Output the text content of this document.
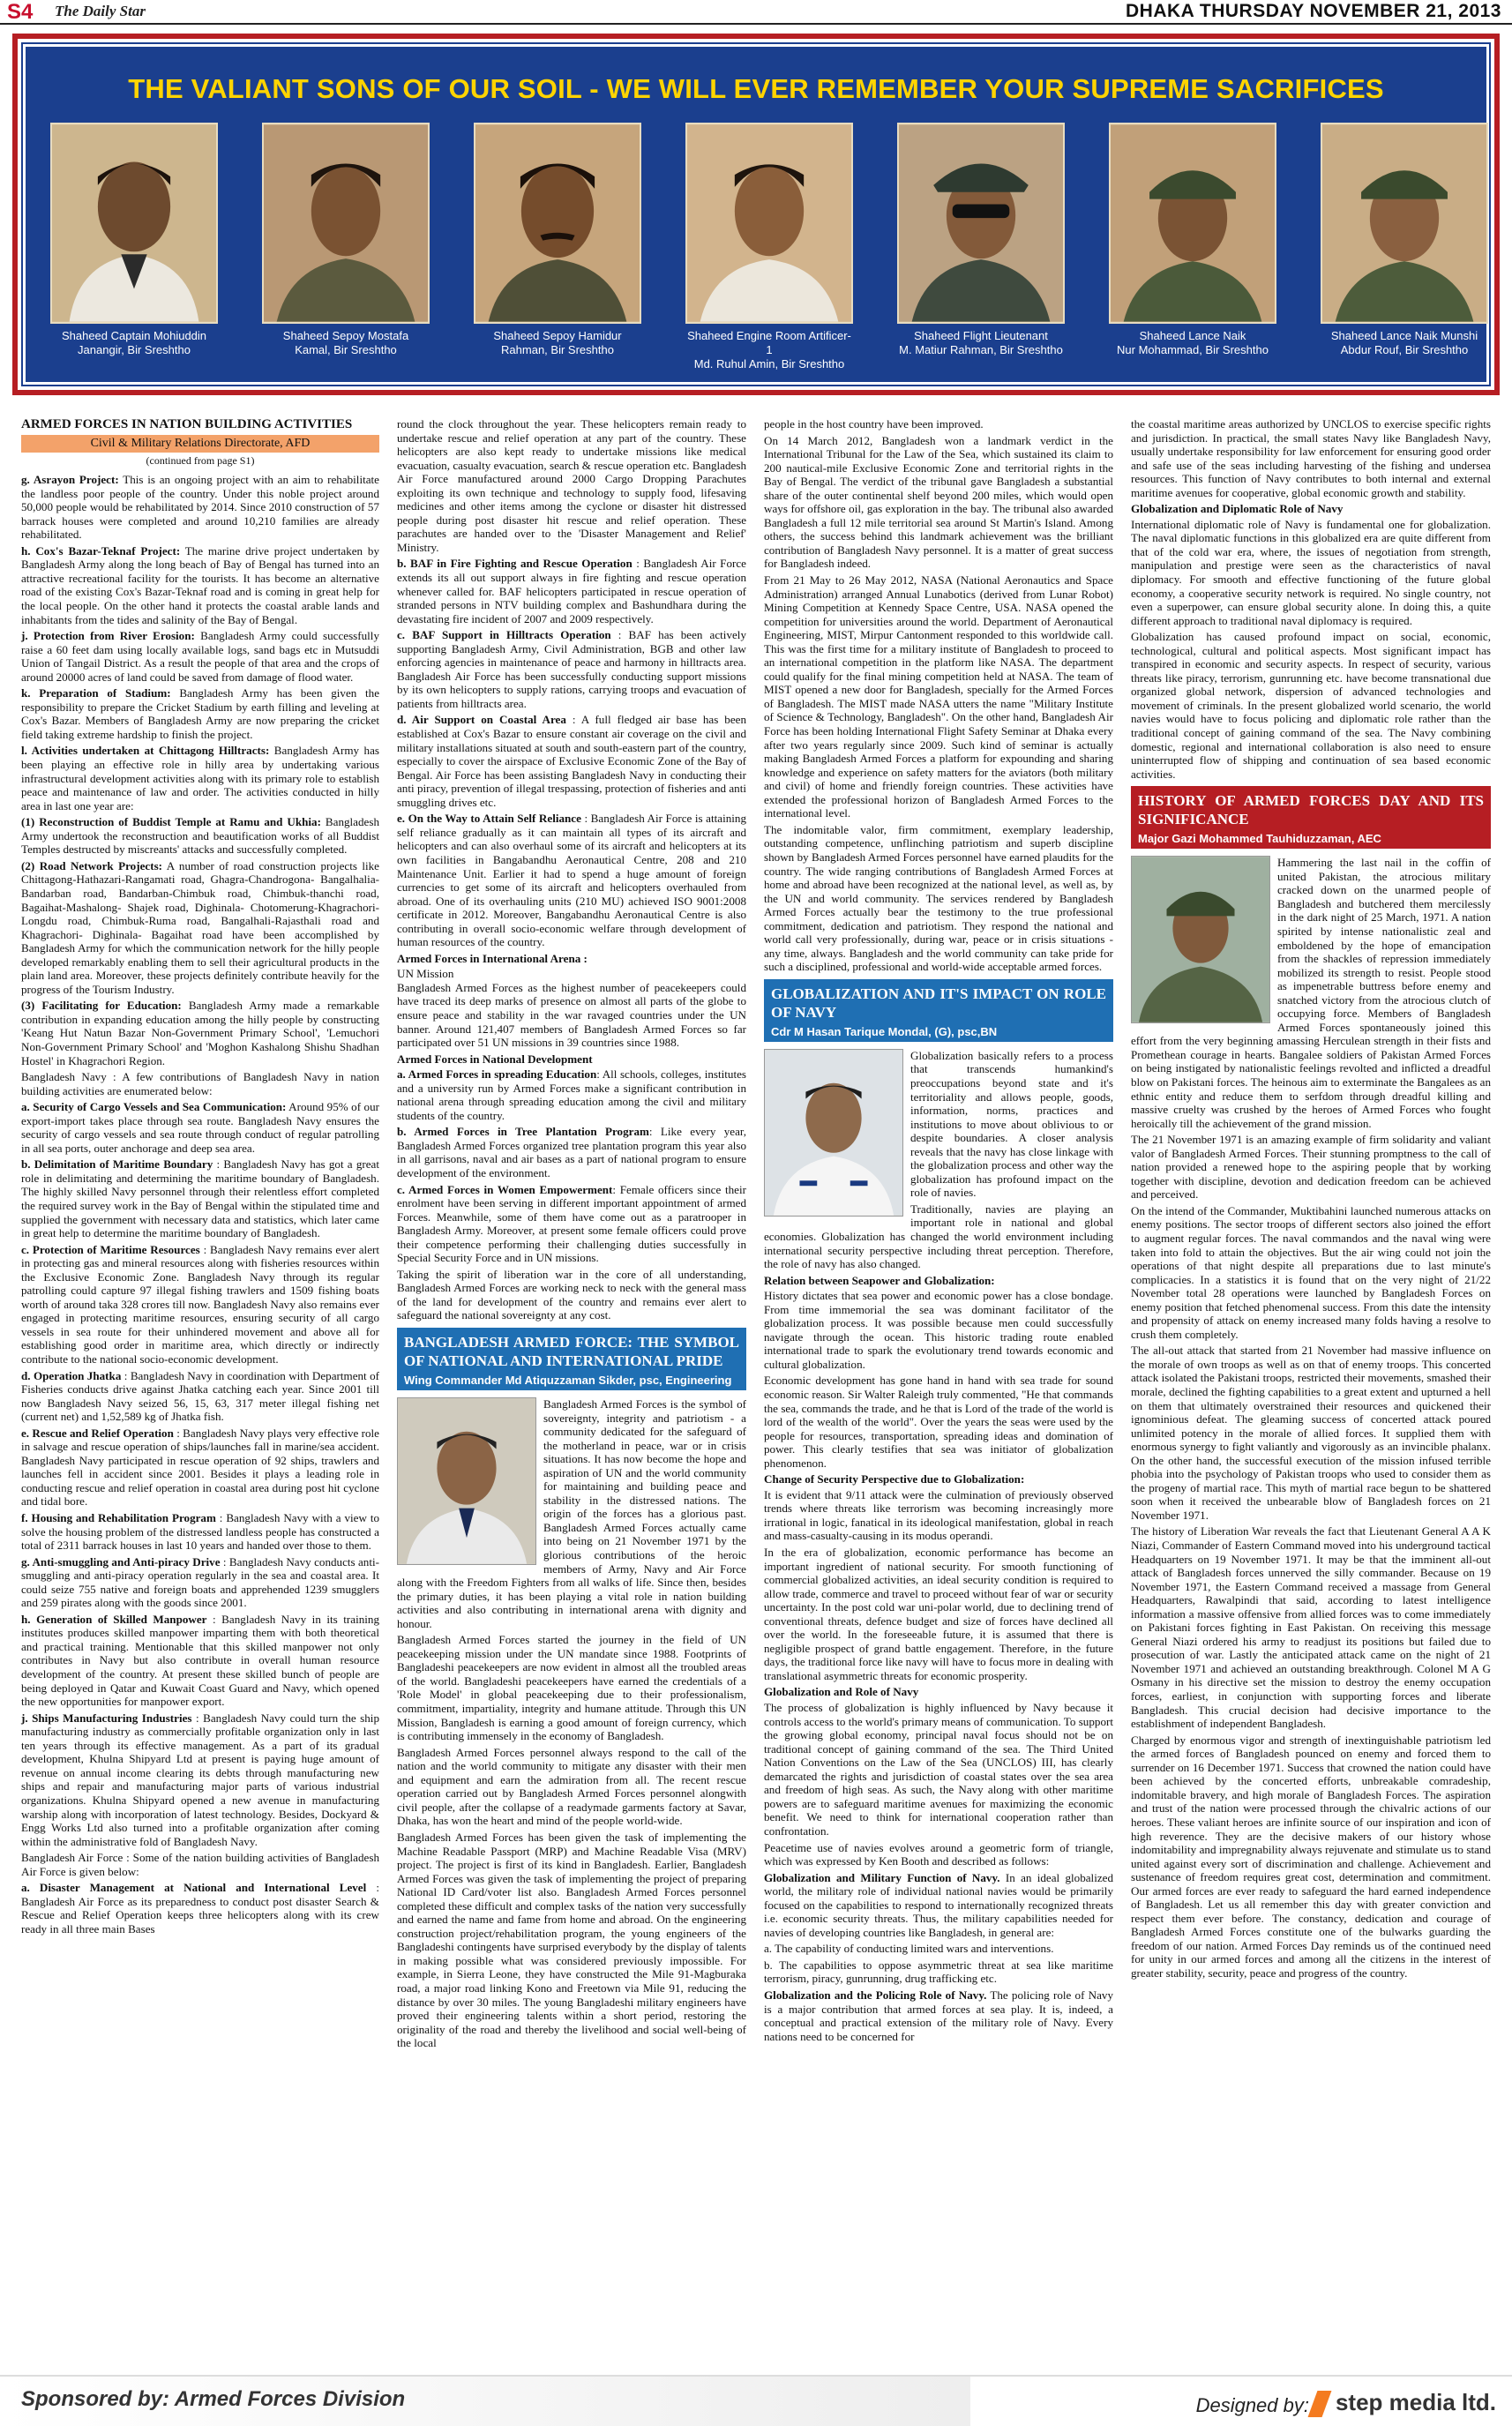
S4 The Daily Star	DHAKA THURSDAY NOVEMBER 21, 2013
THE VALIANT SONS OF OUR SOIL - WE WILL EVER REMEMBER YOUR SUPREME SACRIFICES
Shaheed Captain Mohiuddin
Janangir, Bir Sreshtho
Shaheed Sepoy Mostafa
Kamal, Bir Sreshtho
Shaheed Sepoy Hamidur
Rahman, Bir Sreshtho
Shaheed Engine Room Artificer-1
Md. Ruhul Amin, Bir Sreshtho
Shaheed Flight Lieutenant
M. Matiur Rahman, Bir Sreshtho
Shaheed Lance Naik
Nur Mohammad, Bir Sreshtho
Shaheed Lance Naik Munshi
Abdur Rouf, Bir Sreshtho
ARMED FORCES IN NATION BUILDING ACTIVITIES
Civil & Military Relations Directorate, AFD
(continued from page S1)

g. Asrayon Project: This is an ongoing project with an aim to rehabilitate the landless poor people of the country. Under this noble project around 50,000 people would be rehabilitated by 2014. Since 2010 construction of 57 barrack houses were completed and around 10,210 families are already rehabilitated.

h. Cox's Bazar-Teknaf Project: The marine drive project undertaken by Bangladesh Army along the long beach of Bay of Bengal has turned into an attractive recreational facility for the tourists. It has become an alternative road of the existing Cox's Bazar-Teknaf road and is coming in great help for the local people. On the other hand it protects the coastal arable lands and inhabitants from the tides and salinity of the Bay of Bengal.

j. Protection from River Erosion: Bangladesh Army could successfully raise a 60 feet dam using locally available logs, sand bags etc in Mutsuddi Union of Tangail District. As a result the people of that area and the crops of around 20000 acres of land could be saved from damage of flood water.

k. Preparation of Stadium: Bangladesh Army has been given the responsibility to prepare the Cricket Stadium by earth filling and leveling at Cox's Bazar. Members of Bangladesh Army are now preparing the cricket field taking extreme hardship to finish the project.

l. Activities undertaken at Chittagong Hilltracts: Bangladesh Army has been playing an effective role in hilly area by undertaking various infrastructural development activities along with its primary role to establish peace and maintenance of law and order. The activities conducted in hilly area in last one year are:

(1) Reconstruction of Buddist Temple at Ramu and Ukhia: Bangladesh Army undertook the reconstruction and beautification works of all Buddist Temples destructed by miscreants' attacks and successfully completed.

(2) Road Network Projects: A number of road construction projects like Chittagong-Hathazari-Rangamati road, Ghagra-Chandrogona- Bangalhalia- Bandarban road, Bandarban-Chimbuk road, Chimbuk-thanchi road, Bagaihat-Mashalong- Shajek road, Dighinala- Chotomerung-Khagrachori- Longdu road, Chimbuk-Ruma road, Bangalhali-Rajasthali road and Khagrachori- Dighinala- Bagaihat road have been accomplished by Bangladesh Army for which the communication network for the hilly people developed remarkably enabling them to sell their agricultural products in the plain land area. Moreover, these projects definitely contribute heavily for the progress of the Tourism Industry.

(3) Facilitating for Education: Bangladesh Army made a remarkable contribution in expanding education among the hilly people by constructing 'Keang Hut Natun Bazar Non-Government Primary School', 'Lemuchori Non-Government Primary School' and 'Moghon Kashalong Shishu Shadhan Hostel' in Khagrachori Region.

Bangladesh Navy : A few contributions of Bangladesh Navy in nation building activities are enumerated below:

a. Security of Cargo Vessels and Sea Communication: Around 95% of our export-import takes place through sea route. Bangladesh Navy ensures the security of cargo vessels and sea route through conduct of regular patrolling in all sea ports, outer anchorage and deep sea area.

b. Delimitation of Maritime Boundary : Bangladesh Navy has got a great role in delimitating and determining the maritime boundary of Bangladesh. The highly skilled Navy personnel through their relentless effort completed the required survey work in the Bay of Bengal within the stipulated time and supplied the government with necessary data and statistics, which later came in great help to determine the maritime boundary of Bangladesh.

c. Protection of Maritime Resources : Bangladesh Navy remains ever alert in protecting gas and mineral resources along with fisheries resources within the Exclusive Economic Zone. Bangladesh Navy through its regular patrolling could capture 97 illegal fishing trawlers and 1509 fishing boats worth of around taka 328 crores till now. Bangladesh Navy also remains ever engaged in protecting maritime resources, ensuring security of all cargo vessels in sea route for their unhindered movement and above all for establishing good order in maritime area, which directly or indirectly contribute to the national socio-economic development.

d. Operation Jhatka : Bangladesh Navy in coordination with Department of Fisheries conducts drive against Jhatka catching each year. Since 2001 till now Bangladesh Navy seized 56, 15, 63, 317 meter illegal fishing net (current net) and 1,52,589 kg of Jhatka fish.

e. Rescue and Relief Operation : Bangladesh Navy plays very effective role in salvage and rescue operation of ships/launches fall in marine/sea accident. Bangladesh Navy participated in rescue operation of 92 ships, trawlers and launches fell in accident since 2001. Besides it plays a leading role in conducting rescue and relief operation in coastal area during post hit cyclone and tidal bore.

f. Housing and Rehabilitation Program : Bangladesh Navy with a view to solve the housing problem of the distressed landless people has constructed a total of 2311 barrack houses in last 10 years and handed over those to them.

g. Anti-smuggling and Anti-piracy Drive : Bangladesh Navy conducts anti-smuggling and anti-piracy operation regularly in the sea and coastal area. It could seize 755 native and foreign boats and apprehended 1239 smugglers and 259 pirates along with the goods since 2001.

h. Generation of Skilled Manpower : Bangladesh Navy in its training institutes produces skilled manpower imparting them with both theoretical and practical training. Mentionable that this skilled manpower not only contributes in Navy but also contribute in overall human resource development of the country. At present these skilled bunch of people are being deployed in Qatar and Kuwait Coast Guard and Navy, which opened the new opportunities for manpower export.

j. Ships Manufacturing Industries : Bangladesh Navy could turn the ship manufacturing industry as commercially profitable organization only in last ten years through its effective management. As a part of its gradual development, Khulna Shipyard Ltd at present is paying huge amount of revenue on annual income clearing its debts through manufacturing new ships and repair and manufacturing major parts of various industrial organizations. Khulna Shipyard opened a new avenue in manufacturing warship along with incorporation of latest technology. Besides, Dockyard & Engg Works Ltd also turned into a profitable organization after coming within the administrative fold of Bangladesh Navy.

Bangladesh Air Force : Some of the nation building activities of Bangladesh Air Force is given below:

a. Disaster Management at National and International Level : Bangladesh Air Force as its preparedness to conduct post disaster Search & Rescue and Relief Operation keeps three helicopters along with its crew ready in all three main Bases

round the clock throughout the year. These helicopters remain ready to undertake rescue and relief operation at any part of the country. These helicopters are also kept ready to undertake missions like medical evacuation, casualty evacuation, search & rescue operation etc. Bangladesh Air Force manufactured around 2000 Cargo Dropping Parachutes exploiting its own technique and technology to supply food, lifesaving medicines and other items among the cyclone or disaster hit distressed people during post disaster hit rescue and relief operation. These parachutes are handed over to the 'Disaster Management and Relief' Ministry.

b. BAF in Fire Fighting and Rescue Operation : Bangladesh Air Force extends its all out support always in fire fighting and rescue operation whenever called for. BAF helicopters participated in rescue operation of stranded persons in NTV building complex and Bashundhara during the devastating fire incident of 2007 and 2009 respectively.

c. BAF Support in Hilltracts Operation : BAF has been actively supporting Bangladesh Army, Civil Administration, BGB and other law enforcing agencies in maintenance of peace and harmony in hilltracts area. Bangladesh Air Force has been successfully conducting support missions by its own helicopters to supply rations, carrying troops and evacuation of patients from hilltracts area.

d. Air Support on Coastal Area : A full fledged air base has been established at Cox's Bazar to ensure constant air coverage on the civil and military installations situated at south and south-eastern part of the country, especially to cover the airspace of Exclusive Economic Zone of the Bay of Bengal. Air Force has been assisting Bangladesh Navy in conducting their anti piracy, prevention of illegal trespassing, protection of fisheries and anti smuggling drives etc.

e. On the Way to Attain Self Reliance : Bangladesh Air Force is attaining self reliance gradually as it can maintain all types of its aircraft and helicopters and can also overhaul some of its aircraft and helicopters at its own facilities in Bangabandhu Aeronautical Centre, 208 and 210 Maintenance Unit. Earlier it had to spend a huge amount of foreign currencies to get some of its aircraft and helicopters overhauled from abroad. One of its overhauling units (210 MU) achieved ISO 9001:2008 certificate in 2012. Moreover, Bangabandhu Aeronautical Centre is also contributing in overall socio-economic welfare through development of human resources of the country.

Armed Forces in International Arena :
UN Mission

Bangladesh Armed Forces as the highest number of peacekeepers could have traced its deep marks of presence on almost all parts of the globe to ensure peace and stability in the war ravaged countries under the UN banner. Around 121,407 members of Bangladesh Armed Forces so far participated over 51 UN missions in 39 countries since 1988.

Armed Forces in National Development

a. Armed Forces in spreading Education: All schools, colleges, institutes and a university run by Armed Forces make a significant contribution in national arena through spreading education among the civil and military students of the country.

b. Armed Forces in Tree Plantation Program: Like every year, Bangladesh Armed Forces organized tree plantation program this year also in all garrisons, naval and air bases as a part of national program to ensure development of the environment.

c. Armed Forces in Women Empowerment: Female officers since their enrolment have been serving in different important appointment of armed Forces. Meanwhile, some of them have come out as a paratrooper in Bangladesh Army. Moreover, at present some female officers could prove their competence performing their challenging duties successfully in Special Security Force and in UN missions.

Taking the spirit of liberation war in the core of all understanding, Bangladesh Armed Forces are working neck to neck with the general mass of the land for development of the country and remains ever alert to safeguard the national sovereignty at any cost.

BANGLADESH ARMED FORCE: THE SYMBOL OF NATIONAL AND INTERNATIONAL PRIDE
Wing Commander Md Atiquzzaman Sikder, psc, Engineering

Bangladesh Armed Forces is the symbol of sovereignty, integrity and patriotism - a community dedicated for the safeguard of the motherland in peace, war or in crisis situations. It has now become the hope and aspiration of UN and the world community for maintaining and building peace and stability in the distressed nations. The origin of the forces has a glorious past. Bangladesh Armed Forces actually came into being on 21 November 1971 by the glorious contributions of the heroic members of Army, Navy and Air Force along with the Freedom Fighters from all walks of life. Since then, besides the primary duties, it has been playing a vital role in nation building activities and also contributing in international arena with dignity and honour.

Bangladesh Armed Forces started the journey in the field of UN peacekeeping mission under the UN mandate since 1988. Footprints of Bangladeshi peacekeepers are now evident in almost all the troubled areas of the world. Bangladeshi peacekeepers have earned the credentials of a 'Role Model' in global peacekeeping due to their professionalism, commitment, impartiality, integrity and humane attitude. Through this UN Mission, Bangladesh is earning a good amount of foreign currency, which is contributing immensely in the economy of Bangladesh.

Bangladesh Armed Forces personnel always respond to the call of the nation and the world community to mitigate any disaster with their men and equipment and earn the admiration from all. The recent rescue operation carried out by Bangladesh Armed Forces personnel alongwith civil people, after the collapse of a readymade garments factory at Savar, Dhaka, has won the heart and mind of the people world-wide.

Bangladesh Armed Forces has been given the task of implementing the Machine Readable Passport (MRP) and Machine Readable Visa (MRV) project. The project is first of its kind in Bangladesh. Earlier, Bangladesh Armed Forces was given the task of implementing the project of preparing National ID Card/voter list also. Bangladesh Armed Forces personnel completed these difficult and complex tasks of the nation very successfully and earned the name and fame from home and abroad. On the engineering construction project/rehabilitation program, the young engineers of the Bangladeshi contingents have surprised everybody by the display of talents in making possible what was considered previously impossible. For example, in Sierra Leone, they have constructed the Mile 91-Magburaka road, a major road linking Kono and Freetown via Mile 91, reducing the distance by over 30 miles. The young Bangladeshi military engineers have proved their engineering talents within a short period, restoring the originality of the road and thereby the livelihood and social well-being of the local

people in the host country have been improved.

On 14 March 2012, Bangladesh won a landmark verdict in the International Tribunal for the Law of the Sea, which sustained its claim to 200 nautical-mile Exclusive Economic Zone and territorial rights in the Bay of Bengal. The verdict of the tribunal gave Bangladesh a substantial share of the outer continental shelf beyond 200 miles, which would open ways for offshore oil, gas exploration in the bay. The tribunal also awarded Bangladesh a full 12 mile territorial sea around St Martin's Island. Among others, the success behind this landmark achievement was the brilliant contribution of Bangladesh Navy personnel. It is a matter of great success for Bangladesh indeed.

From 21 May to 26 May 2012, NASA (National Aeronautics and Space Administration) arranged Annual Lunabotics (derived from Lunar Robot) Mining Competition at Kennedy Space Centre, USA. NASA opened the competition for universities around the world. Department of Aeronautical Engineering, MIST, Mirpur Cantonment responded to this worldwide call. This was the first time for a military institute of Bangladesh to proceed to an international competition in the platform like NASA. The department could qualify for the final mining competition held at NASA. The team of MIST opened a new door for Bangladesh, specially for the Armed Forces of Bangladesh. The MIST made NASA utters the name "Military Institute of Science & Technology, Bangladesh". On the other hand, Bangladesh Air Force has been holding International Flight Safety Seminar at Dhaka every after two years regularly since 2009. Such kind of seminar is actually making Bangladesh Armed Forces a platform for expounding and sharing knowledge and experience on safety matters for the aviators (both military and civil) of home and friendly foreign countries. These activities have extended the professional horizon of Bangladesh Armed Forces to the international level.

The indomitable valor, firm commitment, exemplary leadership, outstanding competence, unflinching patriotism and superb discipline shown by Bangladesh Armed Forces personnel have earned plaudits for the country. The wide ranging contributions of Bangladesh Armed Forces at home and abroad have been recognized at the national level, as well as, by the UN and world community. The services rendered by Bangladesh Armed Forces actually bear the testimony to the true professional commitment, dedication and patriotism. They respond the national and world call very professionally, during war, peace or in crisis situations - any time, always. Bangladesh and the world community can take pride for such a disciplined, professional and world-wide acceptable armed forces.

GLOBALIZATION AND IT'S IMPACT ON ROLE OF NAVY
Cdr M Hasan Tarique Mondal, (G), psc,BN

Globalization basically refers to a process that transcends humankind's preoccupations beyond state and it's territoriality and allows people, goods, information, norms, practices and institutions to move about oblivious to or despite boundaries. A closer analysis reveals that the navy has close linkage with the globalization process and other way the globalization has profound impact on the role of navies.

Traditionally, navies are playing an important role in national and global economies. Globalization has changed the world environment including international security perspective including threat perception. Therefore, the role of navy has also changed.

Relation between Seapower and Globalization:

History dictates that sea power and economic power has a close bondage. From time immemorial the sea was dominant facilitator of the globalization process. It was possible because men could successfully navigate through the ocean. This historic trading route enabled international trade to spark the evolutionary trend towards economic and cultural globalization.

Economic development has gone hand in hand with sea trade for sound economic reason. Sir Walter Raleigh truly commented, "He that commands the sea, commands the trade, and he that is Lord of the trade of the world is lord of the wealth of the world". Over the years the seas were used by the people for resources, transportation, spreading ideas and domination of power. This clearly testifies that sea was initiator of globalization phenomenon.

Change of Security Perspective due to Globalization:

It is evident that 9/11 attack were the culmination of previously observed trends where threats like terrorism was becoming increasingly more irrational in logic, fanatical in its ideological manifestation, global in reach and mass-casualty-causing in its modus operandi.

In the era of globalization, economic performance has become an important ingredient of national security. For smooth functioning of commercial globalized activities, an ideal security condition is required to allow trade, commerce and travel to proceed without fear of war or security uncertainty. In the post cold war uni-polar world, due to declining trend of conventional threats, defence budget and size of forces have declined all over the world. In the foreseeable future, it is assumed that there is negligible prospect of grand battle engagement. Therefore, in the future days, the traditional force like navy will have to focus more in dealing with translational asymmetric threats for economic prosperity.

Globalization and Role of Navy

The process of globalization is highly influenced by Navy because it controls access to the world's primary means of communication. To support the growing global economy, principal naval focus should not be on traditional concept of gaining command of the sea. The Third United Nation Conventions on the Law of the Sea (UNCLOS) III, has clearly demarcated the rights and jurisdiction of coastal states over the sea area and freedom of high seas. As such, the Navy along with other maritime powers are to safeguard maritime avenues for maximizing the economic benefit. We need to think for international cooperation rather than confrontation.

Peacetime use of navies evolves around a geometric form of triangle, which was expressed by Ken Booth and described as follows:

Globalization and Military Function of Navy. In an ideal globalized world, the military role of individual national navies would be primarily focused on the capabilities to respond to internationally recognized threats i.e. economic security threats. Thus, the military capabilities needed for navies of developing countries like Bangladesh, in general are:

a. The capability of conducting limited wars and interventions.

b. The capabilities to oppose asymmetric threat at sea like maritime terrorism, piracy, gunrunning, drug trafficking etc.

Globalization and the Policing Role of Navy. The policing role of Navy is a major contribution that armed forces at sea play. It is, indeed, a conceptual and practical extension of the military role of Navy. Every nations need to be concerned for

the coastal maritime areas authorized by UNCLOS to exercise specific rights and jurisdiction. In practical, the small states Navy like Bangladesh Navy, usually undertake responsibility for law enforcement for ensuring good order and safe use of the seas including harvesting of the fishing and undersea resources. This function of Navy contributes to both internal and external maritime avenues for cooperative, global economic growth and stability.

Globalization and Diplomatic Role of Navy

International diplomatic role of Navy is fundamental one for globalization. The naval diplomatic functions in this globalized era are quite different from that of the cold war era, where, the issues of negotiation from strength, manipulation and prestige were seen as the characteristics of naval diplomacy. For smooth and effective functioning of the future global economy, a cooperative security network is required. No single country, not even a superpower, can ensure global security alone. In doing this, a quite different approach to traditional naval diplomacy is required.

Globalization has caused profound impact on social, economic, technological, cultural and political aspects. Most significant impact has transpired in economic and security aspects. In respect of security, various threats like piracy, terrorism, gunrunning etc. have become transnational due organized global network, dispersion of advanced technologies and movement of criminals. In the present globalized world scenario, the world navies would have to focus policing and diplomatic role rather than the traditional concept of gaining command of the sea. The Navy combining domestic, regional and international collaboration is also need to ensure uninterrupted flow of shipping and continuation of sea based economic activities.

HISTORY OF ARMED FORCES DAY AND ITS SIGNIFICANCE
Major Gazi Mohammed Tauhiduzzaman, AEC

Hammering the last nail in the coffin of united Pakistan, the atrocious military cracked down on the unarmed people of Bangladesh and butchered them mercilessly in the dark night of 25 March, 1971. A nation spirited by intense nationalistic zeal and emboldened by the hope of emancipation from the shackles of repression immediately mobilized its strength to resist. People stood as impenetrable buttress before enemy and snatched victory from the atrocious clutch of occupying force. Members of Bangladesh Armed Forces spontaneously joined this effort from the very beginning amassing Herculean strength in their fists and Promethean courage in hearts. Bangalee soldiers of Pakistan Armed Forces on being instigated by nationalistic feelings revolted and inflicted a dreadful blow on Pakistani forces. The heinous aim to exterminate the Bangalees as an ethnic entity and reduce them to serfdom through dreadful killing and massive cruelty was crushed by the heroes of Armed Forces who fought heroically till the achievement of the grand mission.

The 21 November 1971 is an amazing example of firm solidarity and valiant valor of Bangladesh Armed Forces. Their stunning promptness to the call of nation provided a renewed hope to the aspiring people that by working together with discipline, devotion and dedication freedom can be achieved and perceived.

On the intend of the Commander, Muktibahini launched numerous attacks on enemy positions. The sector troops of different sectors also joined the effort to augment regular forces. The naval commandos and the naval wing were taken into fold to attain the objectives. But the air wing could not join the operations of that night despite all preparations due to last minute's complicacies. In a statistics it is found that on the very night of 21/22 November total 28 operations were launched by Bangladesh Forces on enemy position that fetched phenomenal success. From this date the intensity and propensity of attack on enemy increased many folds having a resolve to crush them completely.

The all-out attack that started from 21 November had massive influence on the morale of own troops as well as on that of enemy troops. This concerted attack isolated the Pakistani troops, restricted their movements, smashed their morale, declined the fighting capabilities to a great extent and upturned a hell on them that ultimately overstrained their resources and quickened their ignominious defeat. The gleaming success of concerted attack poured unlimited potency in the morale of allied forces. It supplied them with enormous synergy to fight valiantly and vigorously as an invincible phalanx. On the other hand, the successful execution of the mission infused terrible phobia into the psychology of Pakistan troops who used to consider them as the progeny of martial race. This myth of martial race begun to be shattered soon when it received the unbearable blow of Bangladesh forces on 21 November 1971.

The history of Liberation War reveals the fact that Lieutenant General A A K Niazi, Commander of Eastern Command moved into his underground tactical Headquarters on 19 November 1971. It may be that the imminent all-out attack of Bangladesh forces unnerved the silly commander. Because on 19 November 1971, the Eastern Command received a massage from General Headquarters, Rawalpindi that said, according to latest intelligence information a massive offensive from allied forces was to come immediately on Pakistani forces fighting in East Pakistan. On receiving this message General Niazi ordered his army to readjust its positions but failed due to prosecution of war. Lastly the anticipated attack came on the night of 21 November 1971 and achieved an outstanding breakthrough. Colonel M A G Osmany in his directive set the mission to destroy the enemy occupation forces, earliest, in conjunction with supporting forces and liberate Bangladesh. This crucial decision had decisive importance to the establishment of independent Bangladesh.

Charged by enormous vigor and strength of inextinguishable patriotism led the armed forces of Bangladesh pounced on enemy and forced them to surrender on 16 December 1971. Success that crowned the nation could have been achieved by the concerted efforts, unbreakable comradeship, indomitable bravery, and high morale of Bangladesh Forces. The aspiration and trust of the nation were processed through the chivalric actions of our heroes. These valiant heroes are infinite source of our inspiration and icon of high reverence. They are the decisive makers of our history whose indomitability and impregnability always rejuvenate and stimulate us to stand united against every sort of discrimination and challenge. Achievement and sustenance of freedom requires great cost, determination and commitment. Our armed forces are ever ready to safeguard the hard earned independence of Bangladesh. Let us all remember this day with greater conviction and respect them ever before. The constancy, dedication and courage of Bangladesh Armed Forces constitute one of the bulwarks guarding the freedom of our nation. Armed Forces Day reminds us of the continued need for unity in our armed forces and among all the citizens in the interest of greater stability, security, peace and progress of the country.

Sponsored by: Armed Forces Division	Designed by:	step media ltd.
